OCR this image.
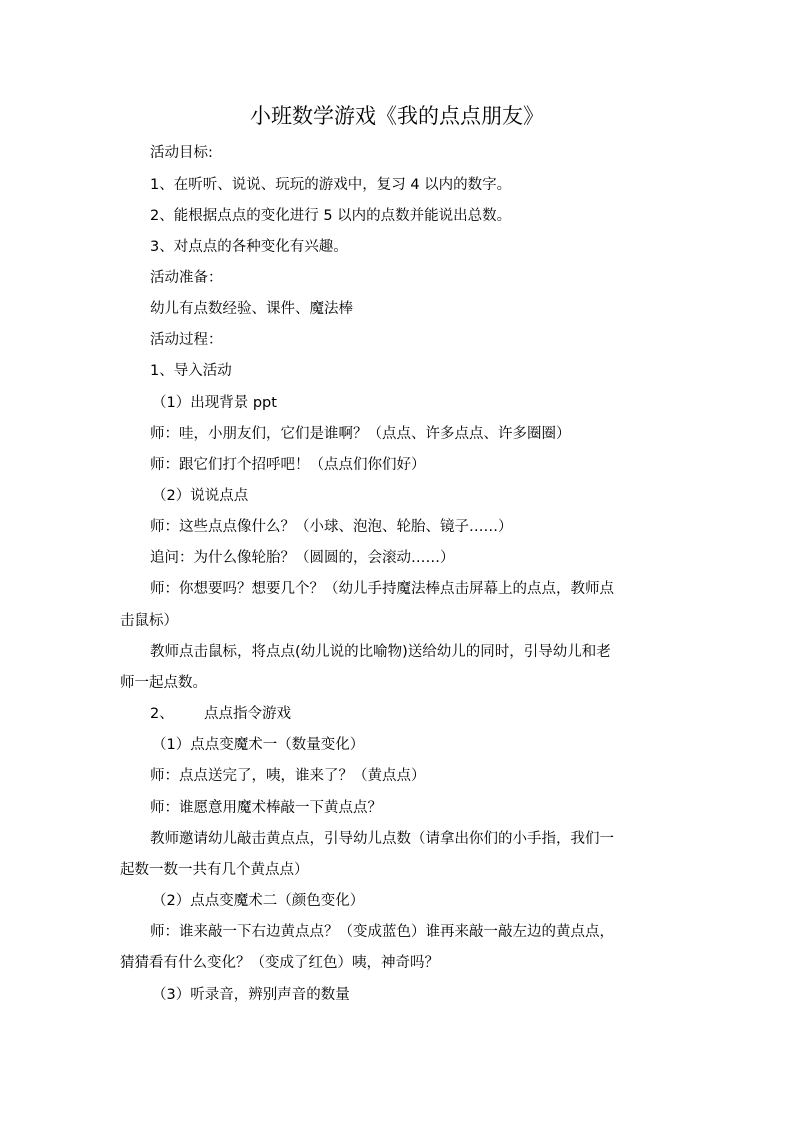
小班数学游戏《我的点点朋友》
活动目标:
1、在听听、说说、玩玩的游戏中，复习 4 以内的数字。
2、能根据点点的变化进行 5 以内的点数并能说出总数。
3、对点点的各种变化有兴趣。
活动准备：
幼儿有点数经验、课件、魔法棒
活动过程：
1、导入活动
（1）出现背景 ppt
师：哇，小朋友们，它们是谁啊？（点点、许多点点、许多圈圈）
师：跟它们打个招呼吧！（点点们你们好）
（2）说说点点
师：这些点点像什么？（小球、泡泡、轮胎、镜子……）
追问：为什么像轮胎？（圆圆的，会滚动……）
师：你想要吗？想要几个？（幼儿手持魔法棒点击屏幕上的点点，教师点
击鼠标）
教师点击鼠标，将点点(幼儿说的比喻物)送给幼儿的同时，引导幼儿和老
师一起点数。
2、 点点指令游戏
（1）点点变魔术一（数量变化）
师：点点送完了，咦，谁来了？（黄点点）
师：谁愿意用魔术棒敲一下黄点点？
教师邀请幼儿敲击黄点点，引导幼儿点数（请拿出你们的小手指，我们一
起数一数一共有几个黄点点）
（2）点点变魔术二（颜色变化）
师：谁来敲一下右边黄点点？（变成蓝色）谁再来敲一敲左边的黄点点，
猜猜看有什么变化？（变成了红色）咦，神奇吗？
（3）听录音，辨别声音的数量
